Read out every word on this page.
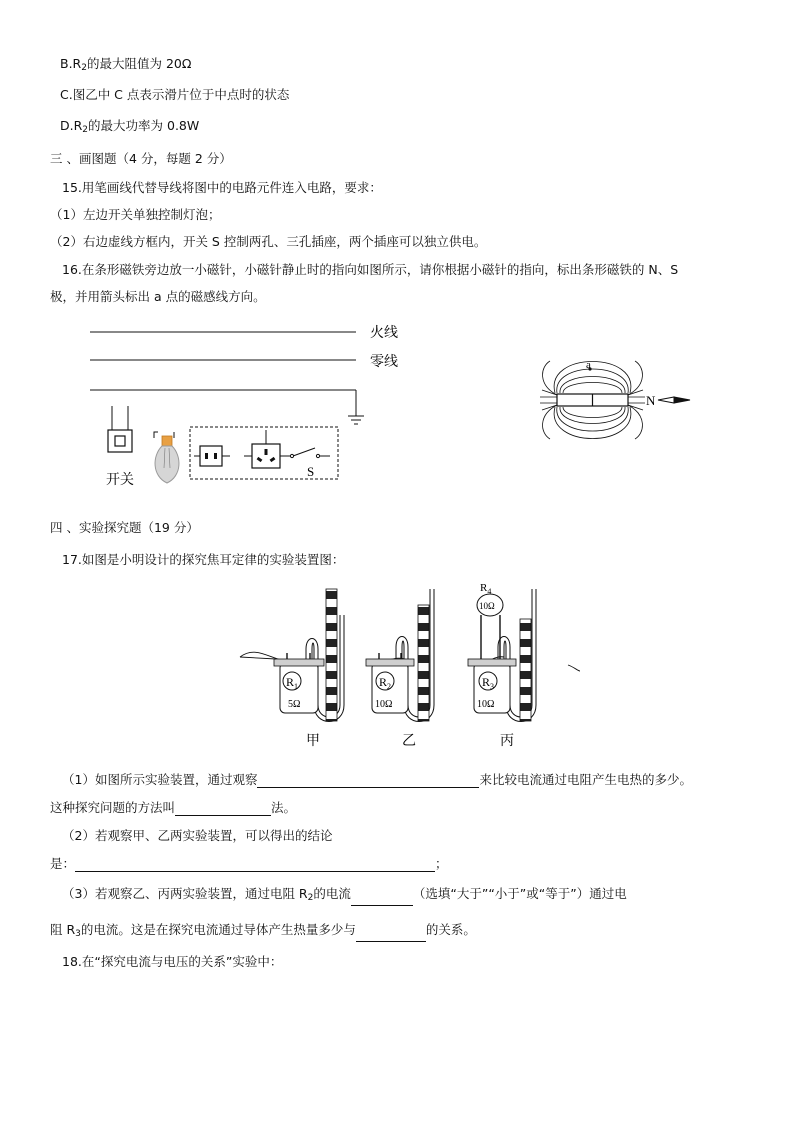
$B.R_2$的最大阻值为 20Ω
C.图乙中 C 点表示滑片位于中点时的状态
$D.R_2$的最大功率为 0.8W
三 、画图题（4 分，每题 2 分）
15.用笔画线代替导线将图中的电路元件连入电路，要求：
（1）左边开关单独控制灯泡；
（2）右边虚线方框内，开关 S 控制两孔、三孔插座，两个插座可以独立供电。
16.在条形磁铁旁边放一小磁针，小磁针静止时的指向如图所示，请你根据小磁针的指向，标出条形磁铁的 N、S
极，并用箭头标出 a 点的磁感线方向。
火线
零线
开关
S
a
N
四 、实验探究题（19 分）
17.如图是小明设计的探究焦耳定律的实验装置图：
$R_1$
5Ω
$R_2$
10Ω
$R_3$
10Ω
$R_4$
10Ω
甲	乙	丙
（1）如图所示实验装置，通过观察	来比较电流通过电阻产生电热的多少。
这种探究问题的方法叫	法。
（2）若观察甲、乙两实验装置，可以得出的结论
是：	；
（3）若观察乙、丙两实验装置，通过电阻 $R_2$的电流	（选填“大于”“小于”或“等于”）通过电
阻 $R_3$的电流。这是在探究电流通过导体产生热量多少与	的关系。
18.在“探究电流与电压的关系”实验中：
